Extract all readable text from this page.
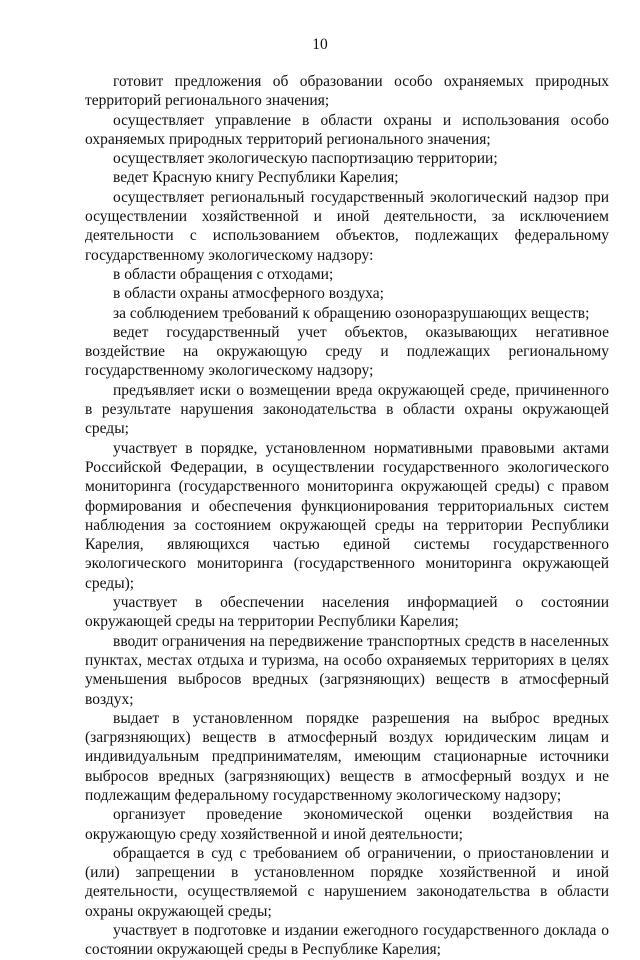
10

готовит предложения об образовании особо охраняемых природных территорий регионального значения;

осуществляет управление в области охраны и использования особо охраняемых природных территорий регионального значения;

осуществляет экологическую паспортизацию территории;

ведет Красную книгу Республики Карелия;

осуществляет региональный государственный экологический надзор при осуществлении хозяйственной и иной деятельности, за исключением деятельности с использованием объектов, подлежащих федеральному государственному экологическому надзору:

в области обращения с отходами;

в области охраны атмосферного воздуха;

за соблюдением требований к обращению озоноразрушающих веществ;

ведет государственный учет объектов, оказывающих негативное воздействие на окружающую среду и подлежащих региональному государственному экологическому надзору;

предъявляет иски о возмещении вреда окружающей среде, причиненного в результате нарушения законодательства в области охраны окружающей среды;

участвует в порядке, установленном нормативными правовыми актами Российской Федерации, в осуществлении государственного экологического мониторинга (государственного мониторинга окружающей среды) с правом формирования и обеспечения функционирования территориальных систем наблюдения за состоянием окружающей среды на территории Республики Карелия, являющихся частью единой системы государственного экологического мониторинга (государственного мониторинга окружающей среды);

участвует в обеспечении населения информацией о состоянии окружающей среды на территории Республики Карелия;

вводит ограничения на передвижение транспортных средств в населенных пунктах, местах отдыха и туризма, на особо охраняемых территориях в целях уменьшения выбросов вредных (загрязняющих) веществ в атмосферный воздух;

выдает в установленном порядке разрешения на выброс вредных (загрязняющих) веществ в атмосферный воздух юридическим лицам и индивидуальным предпринимателям, имеющим стационарные источники выбросов вредных (загрязняющих) веществ в атмосферный воздух и не подлежащим федеральному государственному экологическому надзору;

организует проведение экономической оценки воздействия на окружающую среду хозяйственной и иной деятельности;

обращается в суд с требованием об ограничении, о приостановлении и (или) запрещении в установленном порядке хозяйственной и иной деятельности, осуществляемой с нарушением законодательства в области охраны окружающей среды;

участвует в подготовке и издании ежегодного государственного доклада о состоянии окружающей среды в Республике Карелия;
